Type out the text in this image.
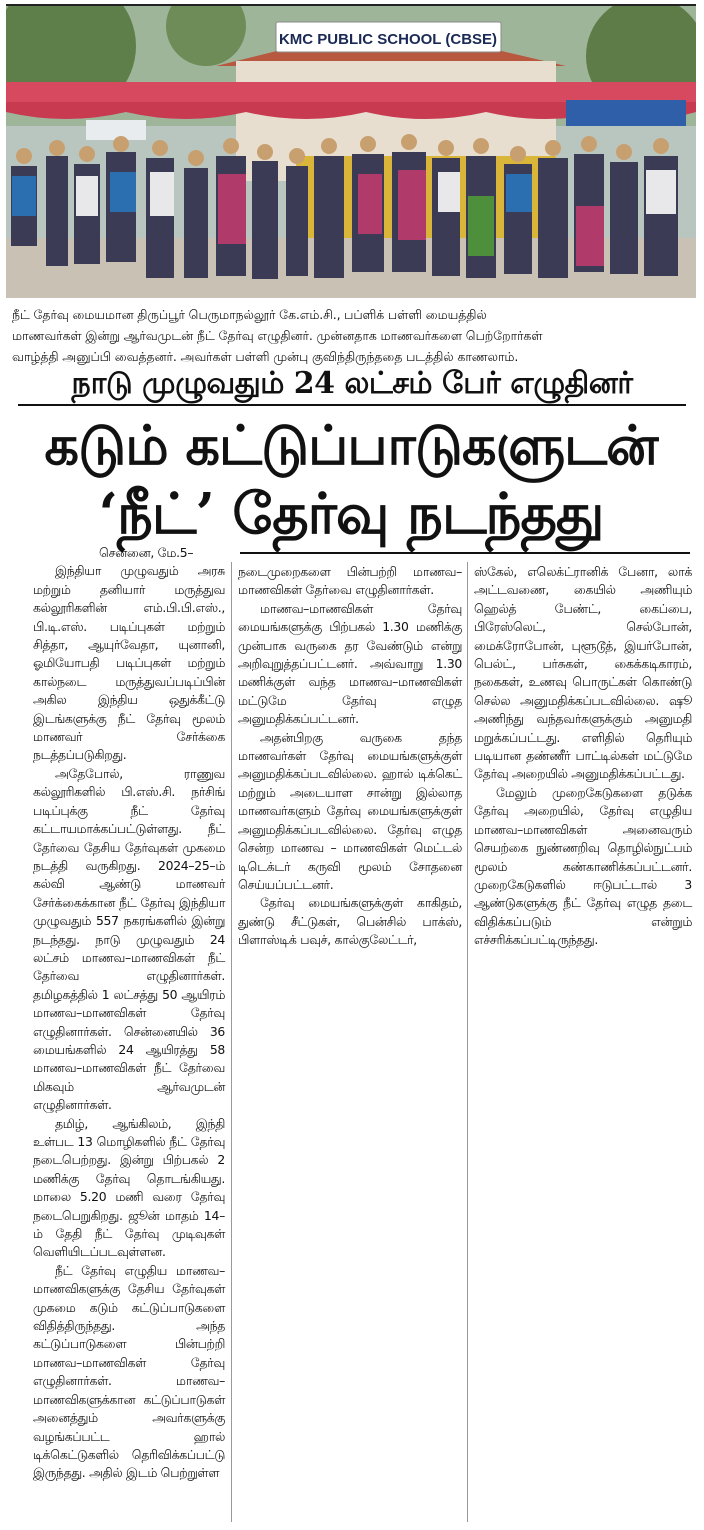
KMC PUBLIC SCHOOL (CBSE)
நீட் தேர்வு மையமான திருப்பூர் பெருமாநல்லூர் கே.எம்.சி., பப்ளிக் பள்ளி மையத்தில்
மாணவர்கள் இன்று ஆர்வமுடன் நீட் தேர்வு எழுதினர். முன்னதாக மாணவர்களை பெற்றோர்கள்
வாழ்த்தி அனுப்பி வைத்தனர். அவர்கள் பள்ளி முன்பு குவிந்திருந்ததை படத்தில் காணலாம்.
நாடு முழுவதும் 24 லட்சம் பேர் எழுதினர்
கடும் கட்டுப்பாடுகளுடன்
‘நீட்’ தேர்வு நடந்தது

சென்னை, மே.5–

இந்தியா முழுவதும் அரசு மற்றும் தனியார் மருத்துவ கல்லூரிகளின் எம்.பி.பி.எஸ்., பி.டி.எஸ். படிப்புகள் மற்றும் சித்தா, ஆயுர்வேதா, யுனானி, ஓமியோபதி படிப்புகள் மற்றும் கால்நடை மருத்துவப்படிப்பின் அகில இந்திய ஒதுக்கீட்டு இடங்களுக்கு நீட் தேர்வு மூலம் மாணவர் சேர்க்கை நடத்தப்படுகிறது.

அதேபோல், ராணுவ கல்லூரிகளில் பி.எஸ்.சி. நர்சிங் படிப்புக்கு நீட் தேர்வு கட்டாயமாக்கப்பட்டுள்ளது. நீட் தேர்வை தேசிய தேர்வுகள் முகமை நடத்தி வருகிறது. 2024–25–ம் கல்வி ஆண்டு மாணவர் சேர்க்கைக்கான நீட் தேர்வு இந்தியா முழுவதும் 557 நகரங்களில் இன்று நடந்தது. நாடு முழுவதும் 24 லட்சம் மாணவ–மாணவிகள் நீட் தேர்வை எழுதினார்கள். தமிழகத்தில் 1 லட்சத்து 50 ஆயிரம் மாணவ–மாணவிகள் தேர்வு எழுதினார்கள். சென்னையில் 36 மையங்களில் 24 ஆயிரத்து 58 மாணவ–மாணவிகள் நீட் தேர்வை மிகவும் ஆர்வமுடன் எழுதினார்கள்.

தமிழ், ஆங்கிலம், இந்தி உள்பட 13 மொழிகளில் நீட் தேர்வு நடைபெற்றது. இன்று பிற்பகல் 2 மணிக்கு தேர்வு தொடங்கியது. மாலை 5.20 மணி வரை தேர்வு நடைபெறுகிறது. ஜூன் மாதம் 14–ம் தேதி நீட் தேர்வு முடிவுகள் வெளியிடப்படவுள்ளன.

நீட் தேர்வு எழுதிய மாணவ–மாணவிகளுக்கு தேசிய தேர்வுகள் முகமை கடும் கட்டுப்பாடுகளை விதித்திருந்தது. அந்த கட்டுப்பாடுகளை பின்பற்றி மாணவ–மாணவிகள் தேர்வு எழுதினார்கள். மாணவ–மாணவிகளுக்கான கட்டுப்பாடுகள் அனைத்தும் அவர்களுக்கு வழங்கப்பட்ட ஹால் டிக்கெட்டுகளில் தெரிவிக்கப்பட்டு இருந்தது. அதில் இடம் பெற்றுள்ள

நடைமுறைகளை பின்பற்றி மாணவ–மாணவிகள் தேர்வை எழுதினார்கள்.

மாணவ–மாணவிகள் தேர்வு மையங்களுக்கு பிற்பகல் 1.30 மணிக்கு முன்பாக வருகை தர வேண்டும் என்று அறிவுறுத்தப்பட்டனர். அவ்வாறு 1.30 மணிக்குள் வந்த மாணவ–மாணவிகள் மட்டுமே தேர்வு எழுத அனுமதிக்கப்பட்டனர்.

அதன்பிறகு வருகை தந்த மாணவர்கள் தேர்வு மையங்களுக்குள் அனுமதிக்கப்படவில்லை. ஹால் டிக்கெட் மற்றும் அடையாள சான்று இல்லாத மாணவர்களும் தேர்வு மையங்களுக்குள் அனுமதிக்கப்படவில்லை. தேர்வு எழுத சென்ற மாணவ – மாணவிகள் மெட்டல் டிடெக்டர் கருவி மூலம் சோதனை செய்யப்பட்டனர்.

தேர்வு மையங்களுக்குள் காகிதம், துண்டு சீட்டுகள், பென்சில் பாக்ஸ், பிளாஸ்டிக் பவுச், கால்குலேட்டர்,

ஸ்கேல், எலெக்ட்ரானிக் பேனா, லாக் அட்டவணை, கையில் அணியும் ஹெல்த் பேண்ட், கைப்பை, பிரேஸ்லெட், செல்போன், மைக்ரோபோன், புளூடூத், இயர்போன், பெல்ட், பர்சுகள், கைக்கடிகாரம், நகைகள், உணவு பொருட்கள் கொண்டு செல்ல அனுமதிக்கப்படவில்லை. ஷூ அணிந்து வந்தவர்களுக்கும் அனுமதி மறுக்கப்பட்டது. எளிதில் தெரியும் படியான தண்ணீர் பாட்டில்கள் மட்டுமே தேர்வு அறையில் அனுமதிக்கப்பட்டது.

மேலும் முறைகேடுகளை தடுக்க தேர்வு அறையில், தேர்வு எழுதிய மாணவ–மாணவிகள் அனைவரும் செயற்கை நுண்ணறிவு தொழில்நுட்பம் மூலம் கண்காணிக்கப்பட்டனர். முறைகேடுகளில் ஈடுபட்டால் 3 ஆண்டுகளுக்கு நீட் தேர்வு எழுத தடை விதிக்கப்படும் என்றும் எச்சரிக்கப்பட்டிருந்தது.
